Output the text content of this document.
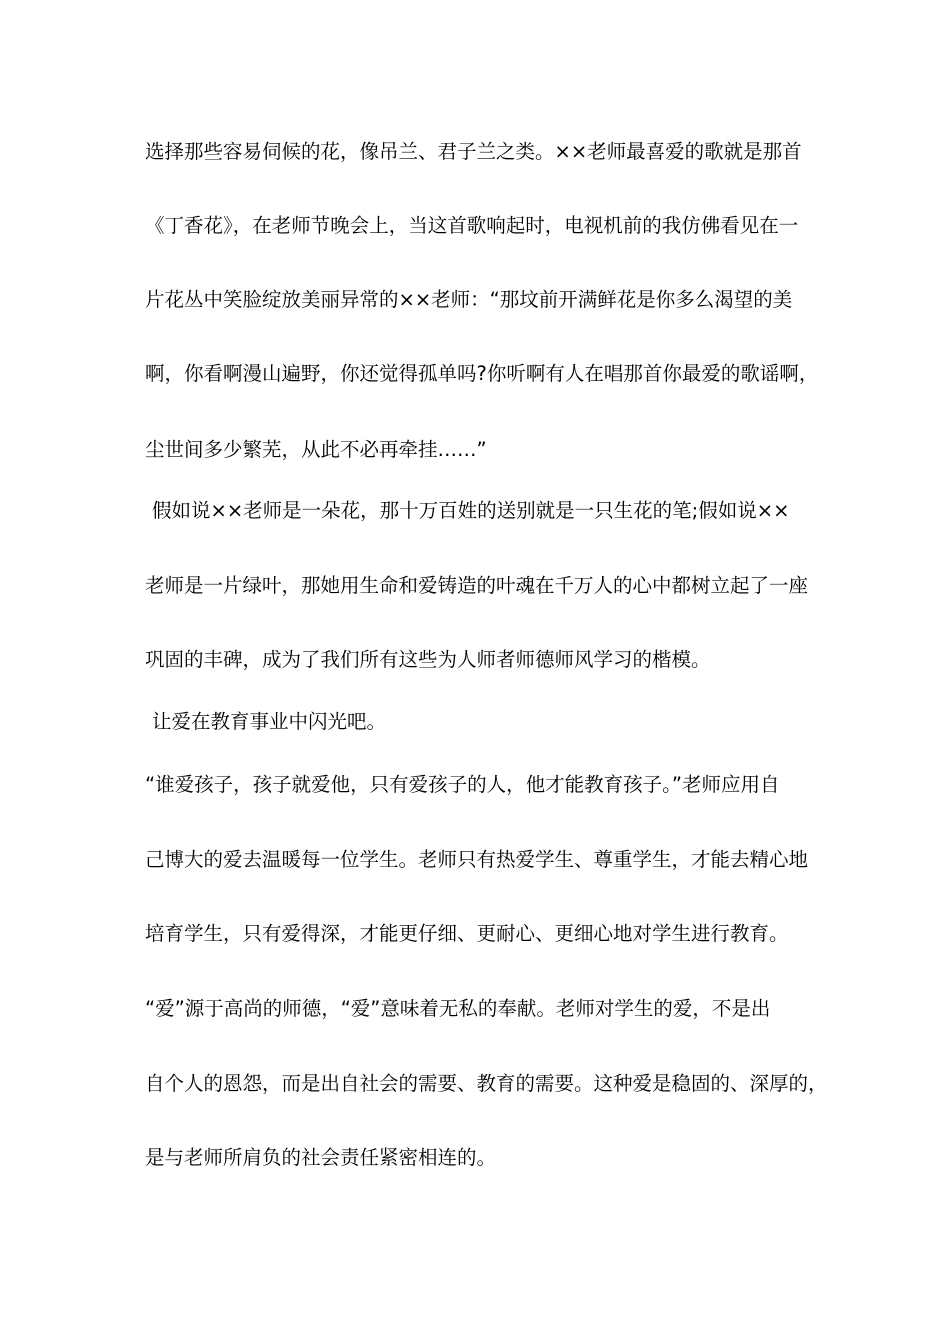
选择那些容易伺候的花，像吊兰、君子兰之类。××老师最喜爱的歌就是那首
《丁香花》，在老师节晚会上，当这首歌响起时，电视机前的我仿佛看见在一
片花丛中笑脸绽放美丽异常的××老师：“那坟前开满鲜花是你多么渴望的美
啊，你看啊漫山遍野，你还觉得孤单吗?你听啊有人在唱那首你最爱的歌谣啊，
尘世间多少繁芜，从此不必再牵挂……”
假如说××老师是一朵花，那十万百姓的送别就是一只生花的笔;假如说××
老师是一片绿叶，那她用生命和爱铸造的叶魂在千万人的心中都树立起了一座
巩固的丰碑，成为了我们所有这些为人师者师德师风学习的楷模。
让爱在教育事业中闪光吧。
“谁爱孩子，孩子就爱他，只有爱孩子的人，他才能教育孩子。”老师应用自
己博大的爱去温暖每一位学生。老师只有热爱学生、尊重学生，才能去精心地
培育学生，只有爱得深，才能更仔细、更耐心、更细心地对学生进行教育。
“爱”源于高尚的师德，“爱”意味着无私的奉献。老师对学生的爱，不是出
自个人的恩怨，而是出自社会的需要、教育的需要。这种爱是稳固的、深厚的，
是与老师所肩负的社会责任紧密相连的。
